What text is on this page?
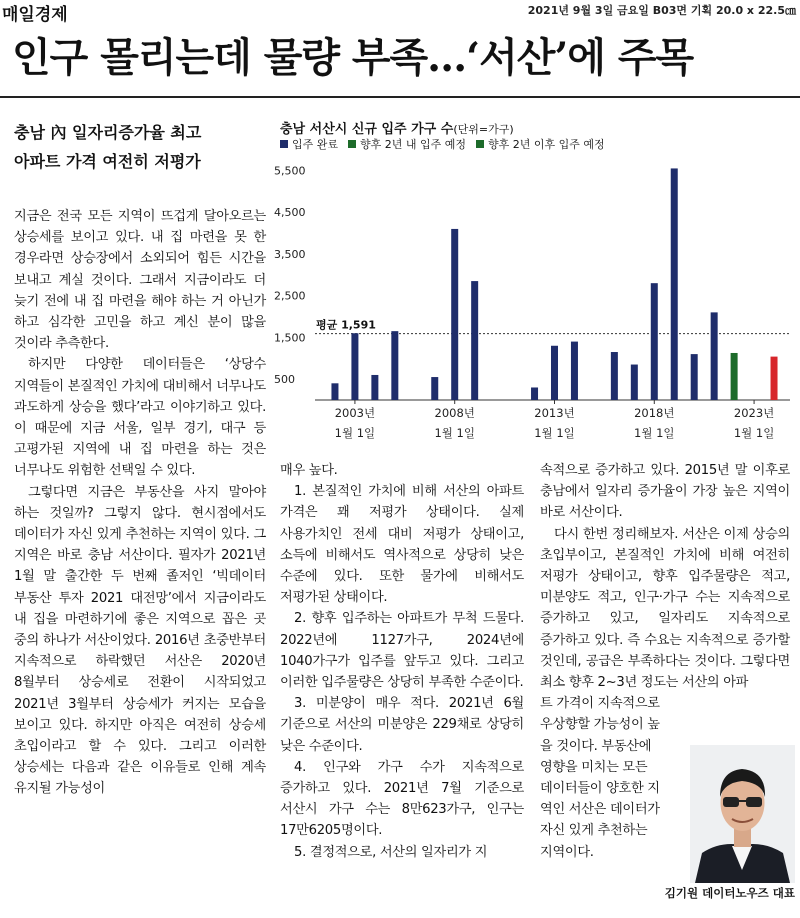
매일경제	2021년 9월 3일 금요일 B03면 기획 20.0 x 22.5㎝
인구 몰리는데 물량 부족…‘서산’에 주목
충남 內 일자리증가율 최고
아파트 가격 여전히 저평가
충남 서산시 신규 입주 가구 수(단위=가구)
입주 완료 향후 2년 내 입주 예정 향후 2년 이후 입주 예정
500
1,500
2,500
3,500
4,500
5,500
평균 1,591
2003년
1월 1일
2008년
1월 1일
2013년
1월 1일
2018년
1월 1일
2023년
1월 1일

지금은 전국 모든 지역이 뜨겁게 달아오르는 상승세를 보이고 있다. 내 집 마련을 못 한 경우라면 상승장에서 소외되어 힘든 시간을 보내고 계실 것이다. 그래서 지금이라도 더 늦기 전에 내 집 마련을 해야 하는 거 아닌가 하고 심각한 고민을 하고 계신 분이 많을 것이라 추측한다.

하지만 다양한 데이터들은 ‘상당수 지역들이 본질적인 가치에 대비해서 너무나도 과도하게 상승을 했다’라고 이야기하고 있다. 이 때문에 지금 서울, 일부 경기, 대구 등 고평가된 지역에 내 집 마련을 하는 것은 너무나도 위험한 선택일 수 있다.

그렇다면 지금은 부동산을 사지 말아야 하는 것일까? 그렇지 않다. 현시점에서도 데이터가 자신 있게 추천하는 지역이 있다. 그 지역은 바로 충남 서산이다. 필자가 2021년 1월 말 출간한 두 번째 졸저인 ‘빅데이터 부동산 투자 2021 대전망’에서 지금이라도 내 집을 마련하기에 좋은 지역으로 꼽은 곳 중의 하나가 서산이었다. 2016년 초중반부터 지속적으로 하락했던 서산은 2020년 8월부터 상승세로 전환이 시작되었고 2021년 3월부터 상승세가 커지는 모습을 보이고 있다. 하지만 아직은 여전히 상승세 초입이라고 할 수 있다. 그리고 이러한 상승세는 다음과 같은 이유들로 인해 계속 유지될 가능성이

매우 높다.

1. 본질적인 가치에 비해 서산의 아파트 가격은 꽤 저평가 상태이다. 실제 사용가치인 전세 대비 저평가 상태이고, 소득에 비해서도 역사적으로 상당히 낮은 수준에 있다. 또한 물가에 비해서도 저평가된 상태이다.

2. 향후 입주하는 아파트가 무척 드물다. 2022년에 1127가구, 2024년에 1040가구가 입주를 앞두고 있다. 그리고 이러한 입주물량은 상당히 부족한 수준이다.

3. 미분양이 매우 적다. 2021년 6월 기준으로 서산의 미분양은 229채로 상당히 낮은 수준이다.

4. 인구와 가구 수가 지속적으로 증가하고 있다. 2021년 7월 기준으로 서산시 가구 수는 8만623가구, 인구는 17만6205명이다.

5. 결정적으로, 서산의 일자리가 지

속적으로 증가하고 있다. 2015년 말 이후로 충남에서 일자리 증가율이 가장 높은 지역이 바로 서산이다.

다시 한번 정리해보자. 서산은 이제 상승의 초입부이고, 본질적인 가치에 비해 여전히 저평가 상태이고, 향후 입주물량은 적고, 미분양도 적고, 인구·가구 수는 지속적으로 증가하고 있고, 일자리도 지속적으로 증가하고 있다. 즉 수요는 지속적으로 증가할 것인데, 공급은 부족하다는 것이다. 그렇다면 최소 향후 2~3년 정도는 서산의 아파

트 가격이 지속적으로
우상향할 가능성이 높
을 것이다. 부동산에
영향을 미치는 모든
데이터들이 양호한 지
역인 서산은 데이터가
자신 있게 추천하는
지역이다.
김기원 데이터노우즈 대표
